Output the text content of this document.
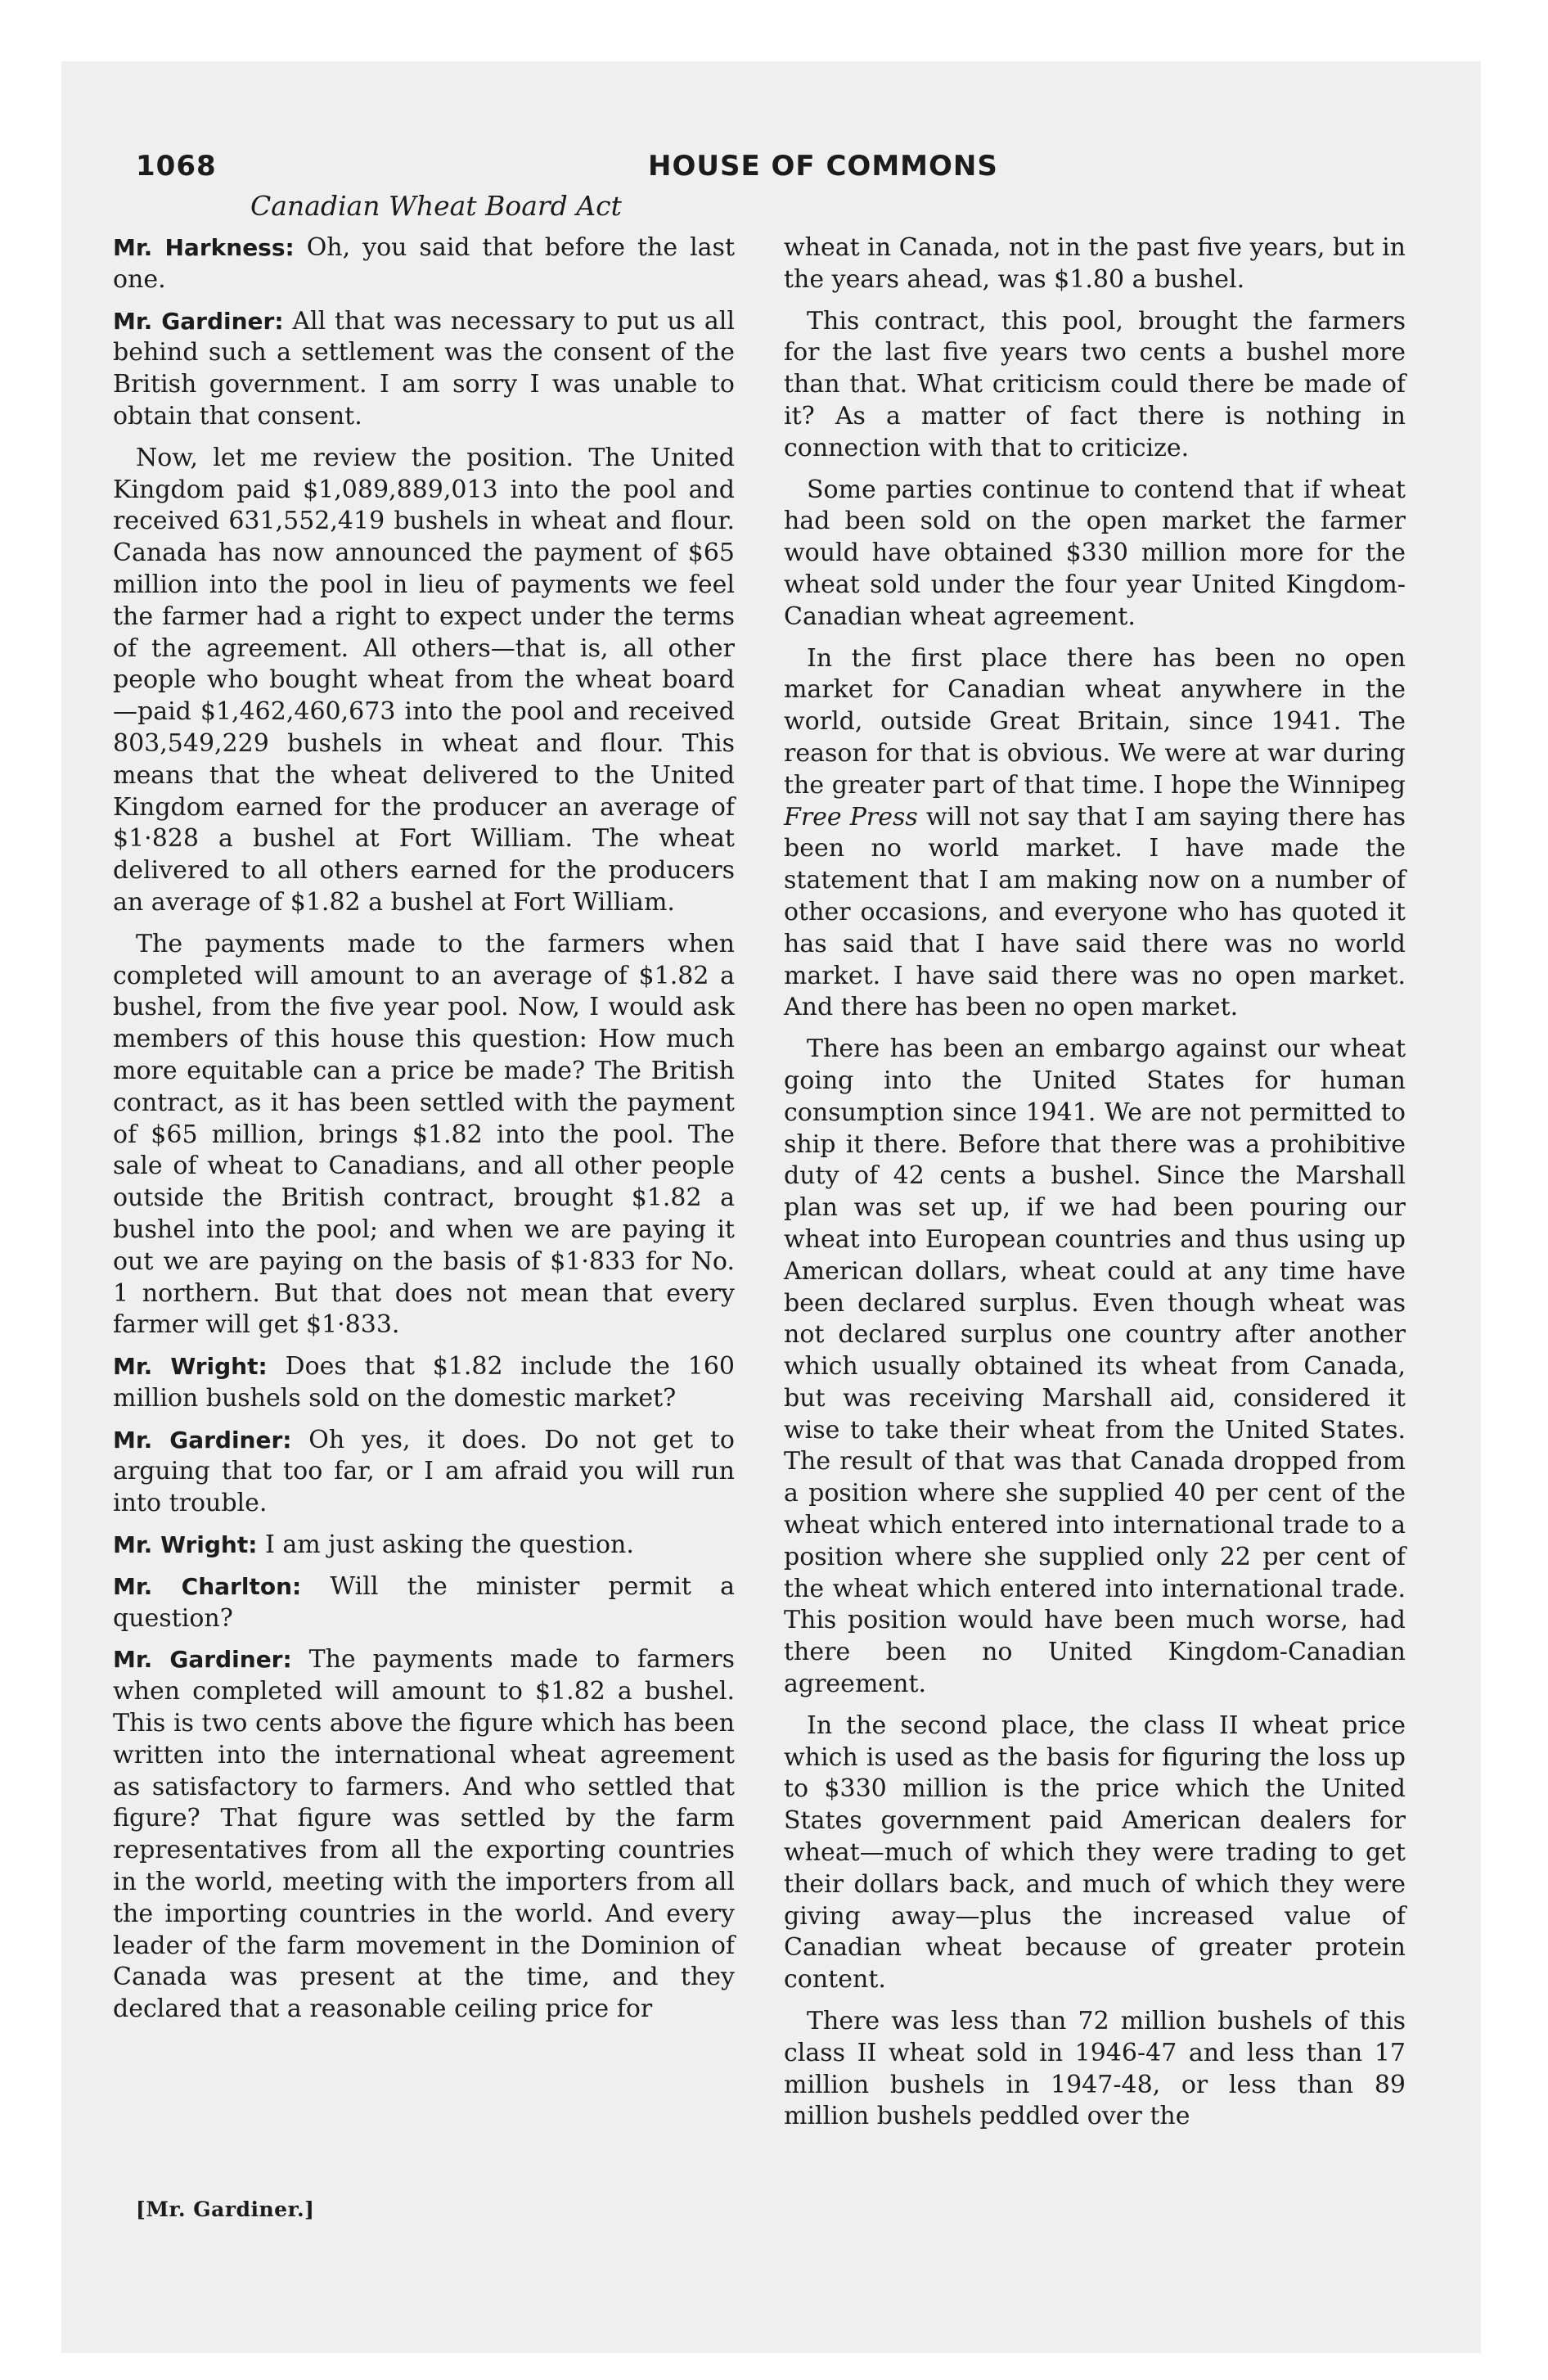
1068	HOUSE OF COMMONS
Canadian Wheat Board Act

Mr. Harkness: Oh, you said that before the last one.

Mr. Gardiner: All that was necessary to put us all behind such a settlement was the consent of the British government. I am sorry I was unable to obtain that consent.

Now, let me review the position. The United Kingdom paid $1,089,889,013 into the pool and received 631,552,419 bushels in wheat and flour. Canada has now announced the payment of $65 million into the pool in lieu of payments we feel the farmer had a right to expect under the terms of the agreement. All others—that is, all other people who bought wheat from the wheat board—paid $1,462,460,673 into the pool and received 803,549,229 bushels in wheat and flour. This means that the wheat delivered to the United Kingdom earned for the producer an average of $1·828 a bushel at Fort William. The wheat delivered to all others earned for the producers an average of $1.82 a bushel at Fort William.

The payments made to the farmers when completed will amount to an average of $1.82 a bushel, from the five year pool. Now, I would ask members of this house this question: How much more equitable can a price be made? The British contract, as it has been settled with the payment of $65 million, brings $1.82 into the pool. The sale of wheat to Canadians, and all other people outside the British contract, brought $1.82 a bushel into the pool; and when we are paying it out we are paying on the basis of $1·833 for No. 1 northern. But that does not mean that every farmer will get $1·833.

Mr. Wright: Does that $1.82 include the 160 million bushels sold on the domestic market?

Mr. Gardiner: Oh yes, it does. Do not get to arguing that too far, or I am afraid you will run into trouble.

Mr. Wright: I am just asking the question.

Mr. Charlton: Will the minister permit a question?

Mr. Gardiner: The payments made to farmers when completed will amount to $1.82 a bushel. This is two cents above the figure which has been written into the international wheat agreement as satisfactory to farmers. And who settled that figure? That figure was settled by the farm representatives from all the exporting countries in the world, meeting with the importers from all the importing countries in the world. And every leader of the farm movement in the Dominion of Canada was present at the time, and they declared that a reasonable ceiling price for

wheat in Canada, not in the past five years, but in the years ahead, was $1.80 a bushel.

This contract, this pool, brought the farmers for the last five years two cents a bushel more than that. What criticism could there be made of it? As a matter of fact there is nothing in connection with that to criticize.

Some parties continue to contend that if wheat had been sold on the open market the farmer would have obtained $330 million more for the wheat sold under the four year United Kingdom-Canadian wheat agreement.

In the first place there has been no open market for Canadian wheat anywhere in the world, outside Great Britain, since 1941. The reason for that is obvious. We were at war during the greater part of that time. I hope the Winnipeg Free Press will not say that I am saying there has been no world market. I have made the statement that I am making now on a number of other occasions, and everyone who has quoted it has said that I have said there was no world market. I have said there was no open market. And there has been no open market.

There has been an embargo against our wheat going into the United States for human consumption since 1941. We are not permitted to ship it there. Before that there was a prohibitive duty of 42 cents a bushel. Since the Marshall plan was set up, if we had been pouring our wheat into European countries and thus using up American dollars, wheat could at any time have been declared surplus. Even though wheat was not declared surplus one country after another which usually obtained its wheat from Canada, but was receiving Marshall aid, considered it wise to take their wheat from the United States. The result of that was that Canada dropped from a position where she supplied 40 per cent of the wheat which entered into international trade to a position where she supplied only 22 per cent of the wheat which entered into international trade. This position would have been much worse, had there been no United Kingdom-Canadian agreement.

In the second place, the class II wheat price which is used as the basis for figuring the loss up to $330 million is the price which the United States government paid American dealers for wheat—much of which they were trading to get their dollars back, and much of which they were giving away—plus the increased value of Canadian wheat because of greater protein content.

There was less than 72 million bushels of this class II wheat sold in 1946-47 and less than 17 million bushels in 1947-48, or less than 89 million bushels peddled over the

[Mr. Gardiner.]
